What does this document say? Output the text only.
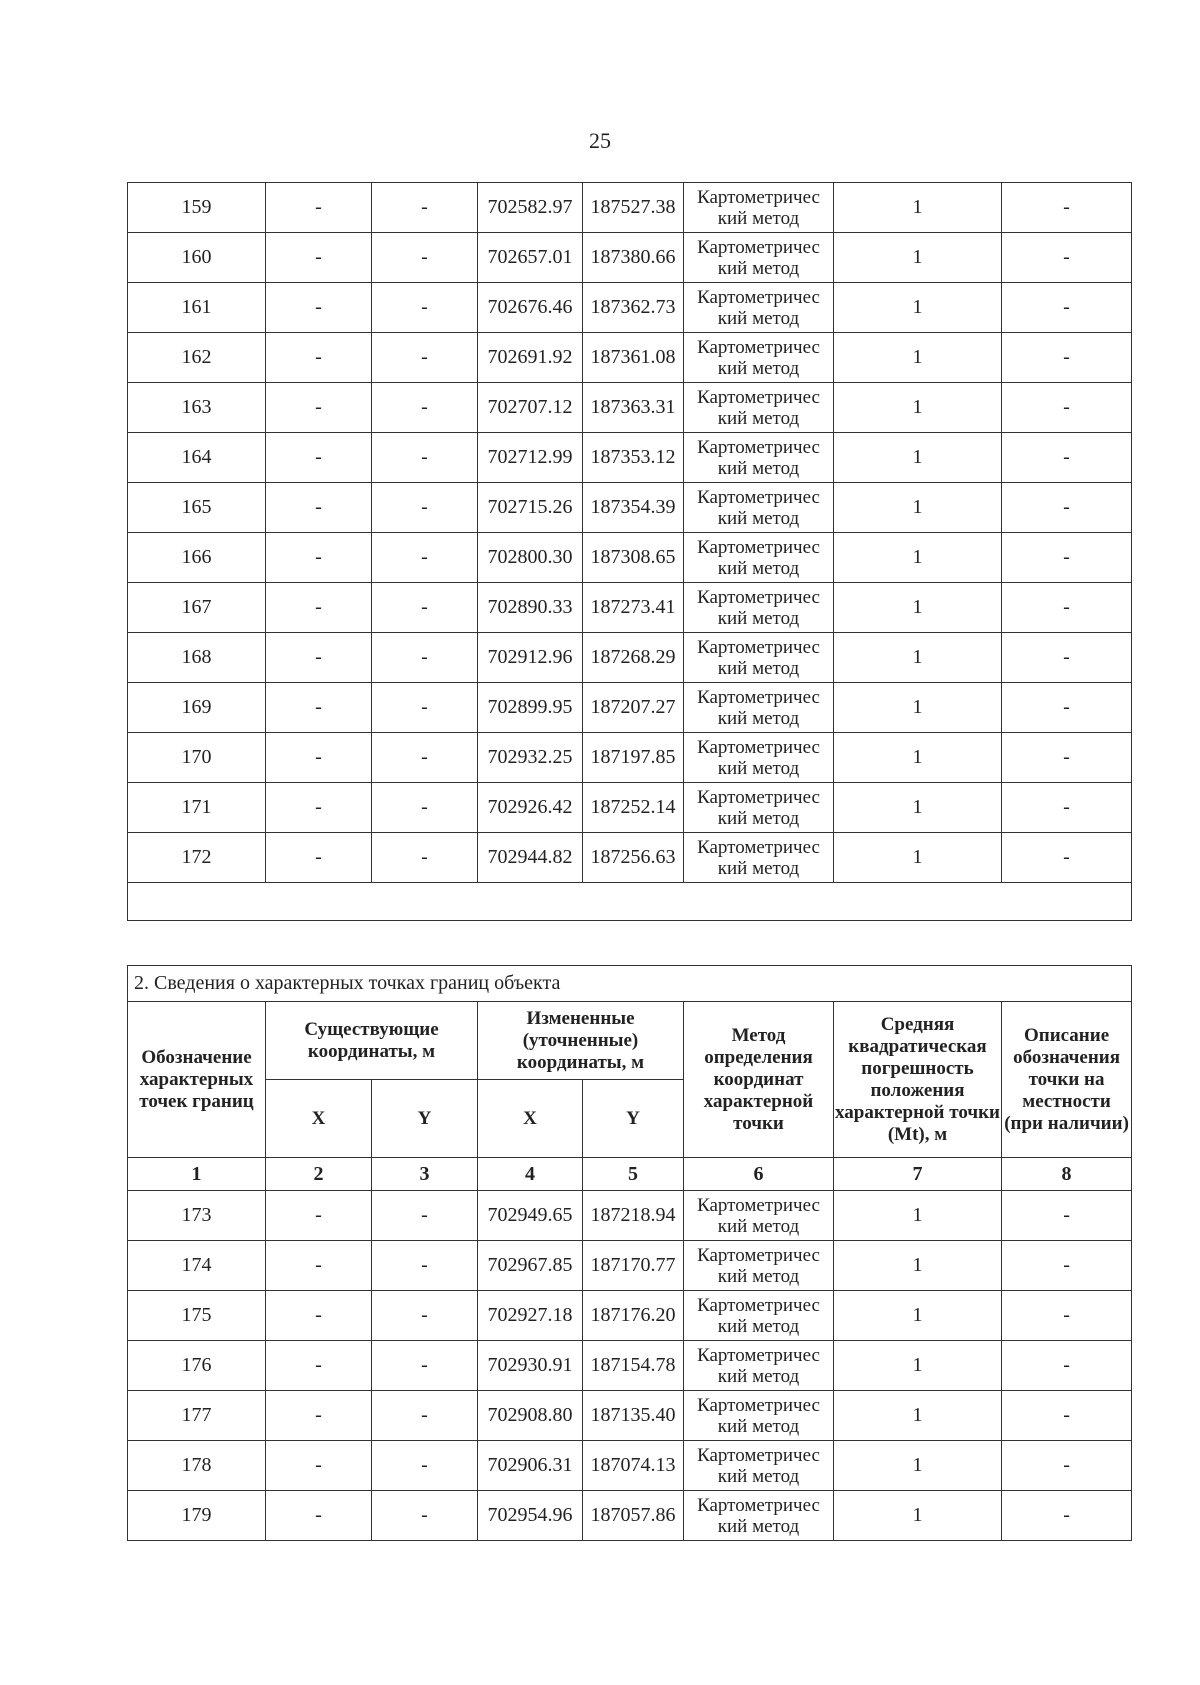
25
159	-	-	702582.97	187527.38	Картометричес кий метод	1	-
160	-	-	702657.01	187380.66	Картометричес кий метод	1	-
161	-	-	702676.46	187362.73	Картометричес кий метод	1	-
162	-	-	702691.92	187361.08	Картометричес кий метод	1	-
163	-	-	702707.12	187363.31	Картометричес кий метод	1	-
164	-	-	702712.99	187353.12	Картометричес кий метод	1	-
165	-	-	702715.26	187354.39	Картометричес кий метод	1	-
166	-	-	702800.30	187308.65	Картометричес кий метод	1	-
167	-	-	702890.33	187273.41	Картометричес кий метод	1	-
168	-	-	702912.96	187268.29	Картометричес кий метод	1	-
169	-	-	702899.95	187207.27	Картометричес кий метод	1	-
170	-	-	702932.25	187197.85	Картометричес кий метод	1	-
171	-	-	702926.42	187252.14	Картометричес кий метод	1	-
172	-	-	702944.82	187256.63	Картометричес кий метод	1	-

2. Сведения о характерных точках границ объекта							
Обозначение характерных точек границ	Существующие координаты, м		Измененные (уточненные) координаты, м		Метод определения координат характерной точки	Средняя квадратическая погрешность положения характерной точки (Mt), м	Описание обозначения точки на местности (при наличии)
	X	Y	X	Y			
1	2	3	4	5	6	7	8
173	-	-	702949.65	187218.94	Картометричес кий метод	1	-
174	-	-	702967.85	187170.77	Картометричес кий метод	1	-
175	-	-	702927.18	187176.20	Картометричес кий метод	1	-
176	-	-	702930.91	187154.78	Картометричес кий метод	1	-
177	-	-	702908.80	187135.40	Картометричес кий метод	1	-
178	-	-	702906.31	187074.13	Картометричес кий метод	1	-
179	-	-	702954.96	187057.86	Картометричес кий метод	1	-
